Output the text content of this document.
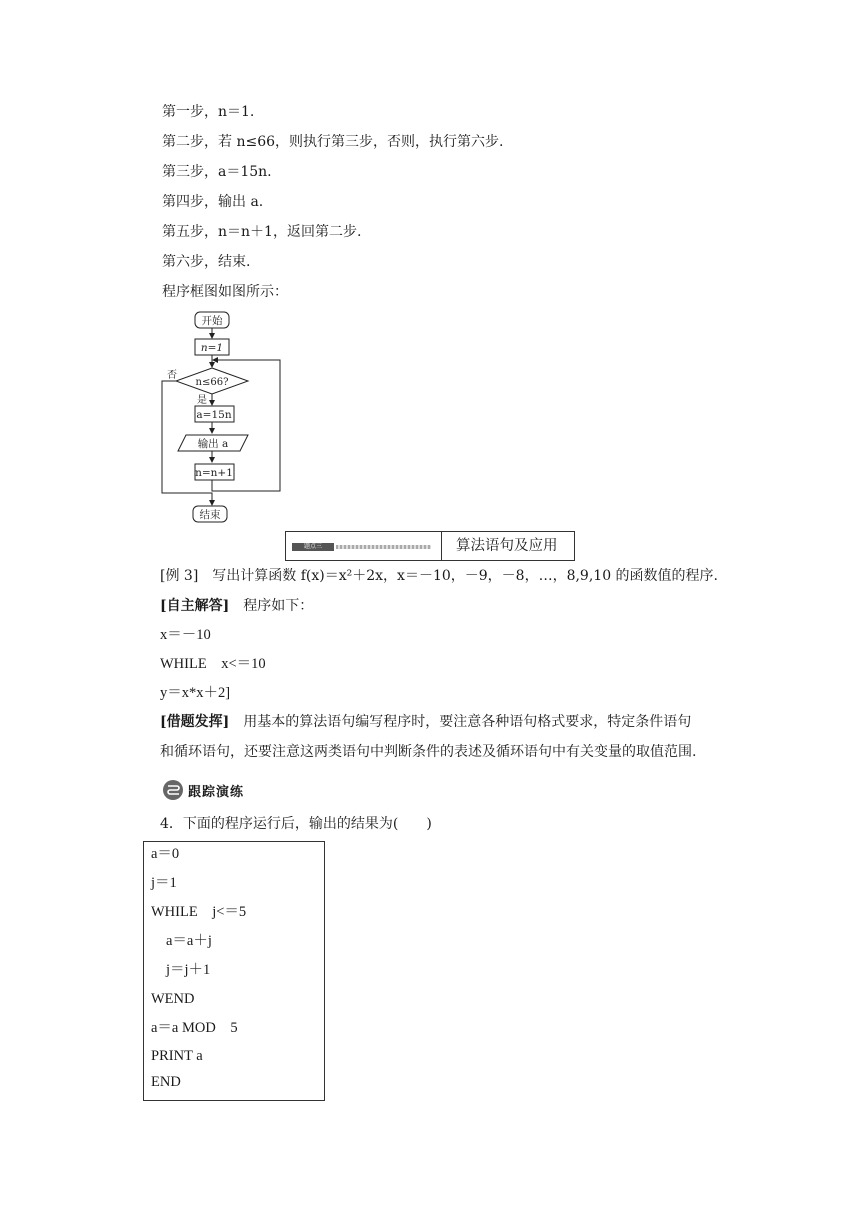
第一步，n＝1.
第二步，若 n≤66，则执行第三步，否则，执行第六步.
第三步，a＝15n.
第四步，输出 a.
第五步，n＝n＋1，返回第二步.
第六步，结束.
程序框图如图所示：
开始
n=1
n≤66?
否
是
a=15n
输出 a
n=n+1
结束
题点三	算法语句及应用
[例 3]　 写出计算函数 f(x)＝x²＋2x，x＝－10，－9，－8，…，8,9,10 的函数值的程序.
[自主解答]　 程序如下：
x＝－10
WHILE　x<＝10
y＝x*x＋2]
[借题发挥]　 用基本的算法语句编写程序时，要注意各种语句格式要求，特定条件语句
和循环语句，还要注意这两类语句中判断条件的表述及循环语句中有关变量的取值范围.
跟踪演练
4．下面的程序运行后，输出的结果为(　　)
a＝0
j＝1
WHILE　j<＝5
a＝a＋j
j＝j＋1
WEND
a＝a MOD　5
PRINT a
END
